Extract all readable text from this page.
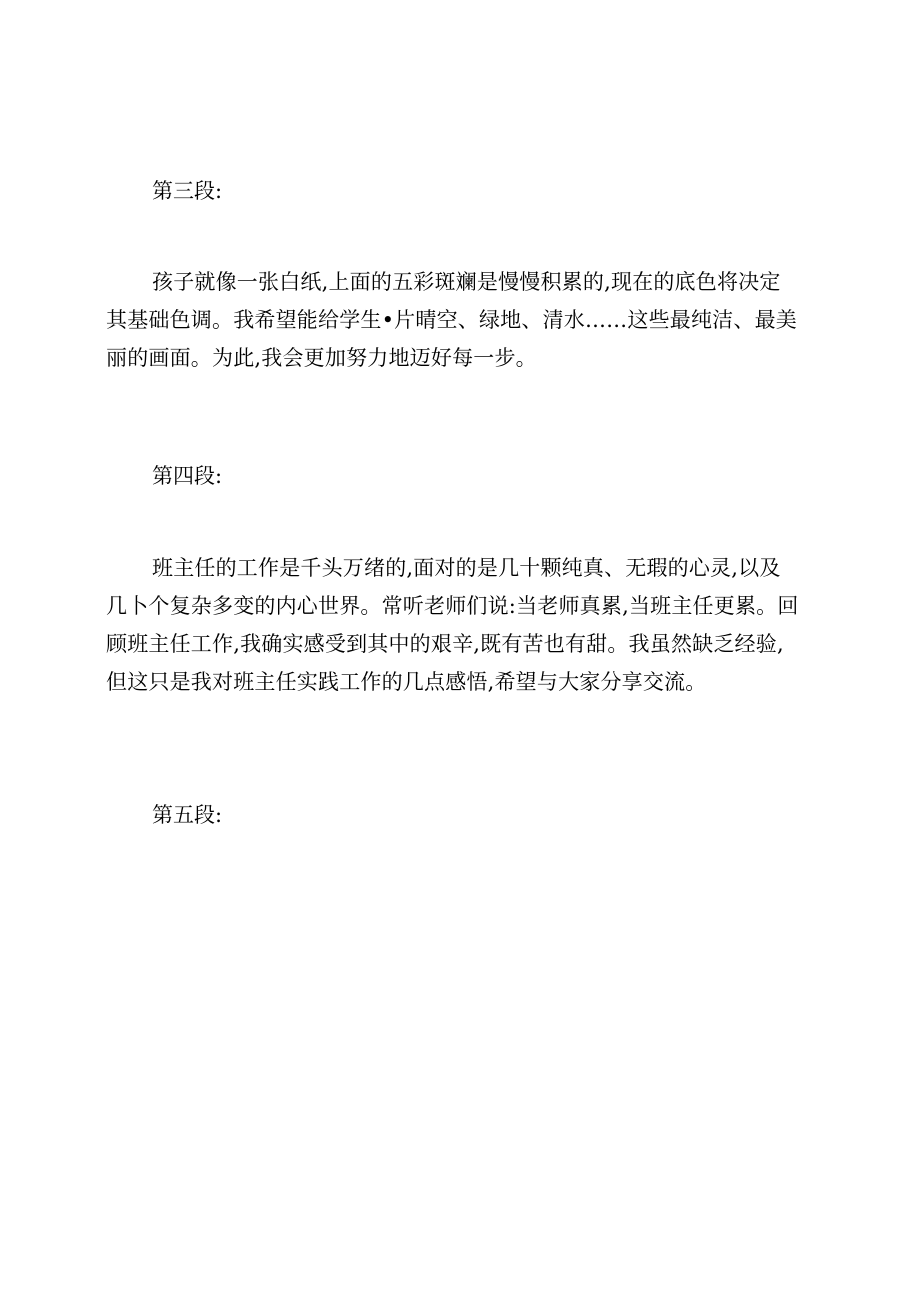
第三段:
孩子就像一张白纸,上面的五彩斑斓是慢慢积累的,现在的底色将决定
其基础色调。我希望能给学生•片晴空、绿地、清水……这些最纯洁、最美
丽的画面。为此,我会更加努力地迈好每一步。
第四段:
班主任的工作是千头万绪的,面对的是几十颗纯真、无瑕的心灵,以及
几卜个复杂多变的内心世界。常听老师们说:当老师真累,当班主任更累。回
顾班主任工作,我确实感受到其中的艰辛,既有苦也有甜。我虽然缺乏经验,
但这只是我对班主任实践工作的几点感悟,希望与大家分享交流。
第五段:
